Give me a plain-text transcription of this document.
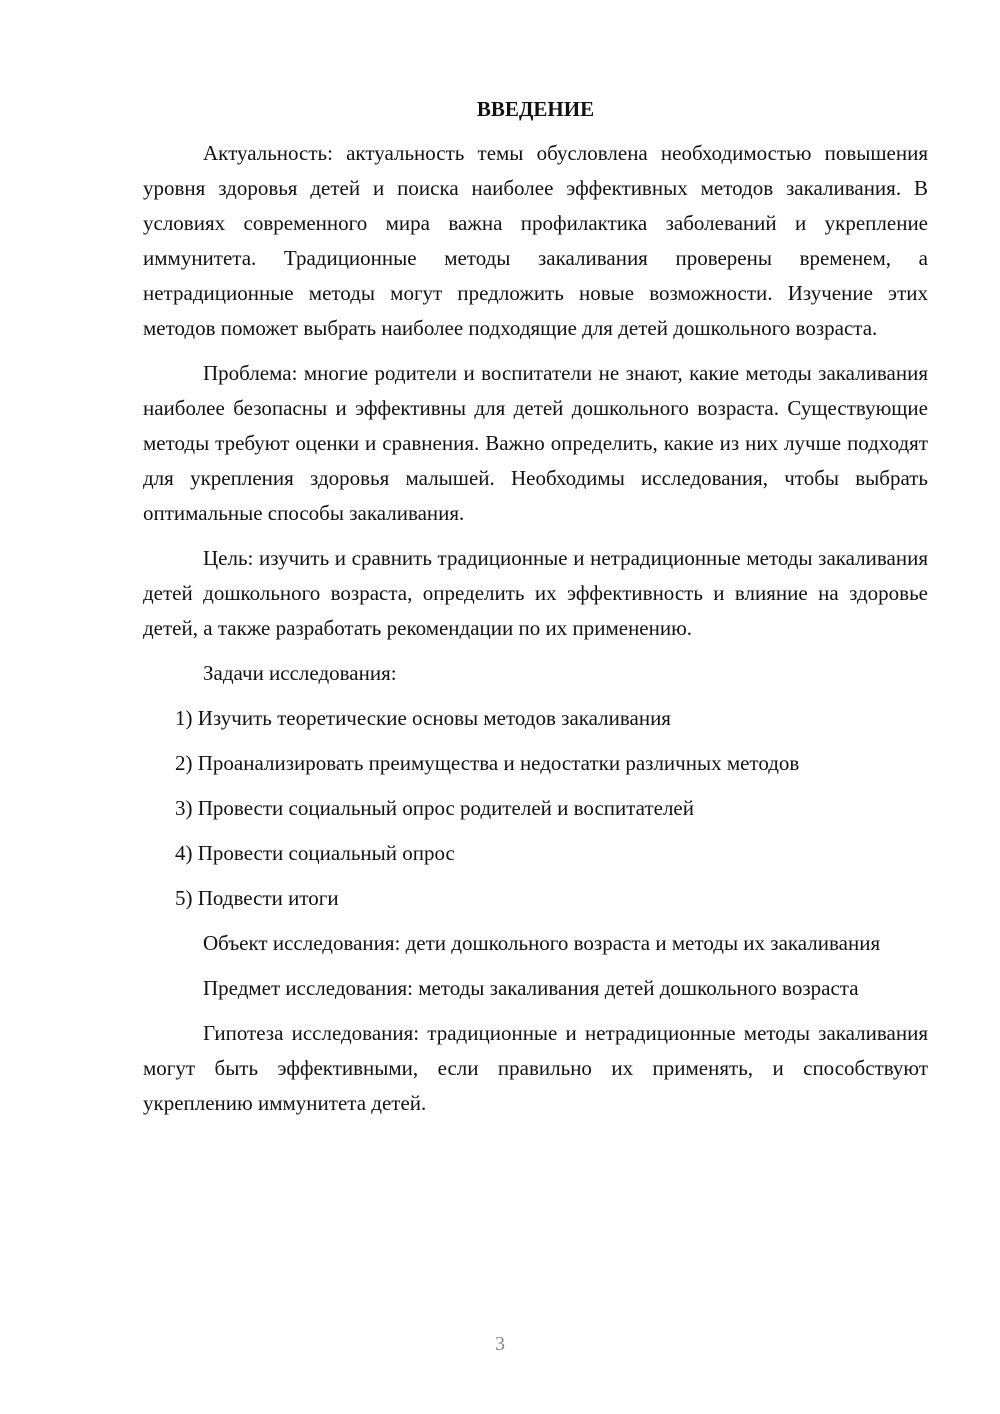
ВВЕДЕНИЕ

Актуальность: актуальность темы обусловлена необходимостью повышения уровня здоровья детей и поиска наиболее эффективных методов закаливания. В условиях современного мира важна профилактика заболеваний и укрепление иммунитета. Традиционные методы закаливания проверены временем, а нетрадиционные методы могут предложить новые возможности. Изучение этих методов поможет выбрать наиболее подходящие для детей дошкольного возраста.

Проблема: многие родители и воспитатели не знают, какие методы закаливания наиболее безопасны и эффективны для детей дошкольного возраста. Существующие методы требуют оценки и сравнения. Важно определить, какие из них лучше подходят для укрепления здоровья малышей. Необходимы исследования, чтобы выбрать оптимальные способы закаливания.

Цель: изучить и сравнить традиционные и нетрадиционные методы закаливания детей дошкольного возраста, определить их эффективность и влияние на здоровье детей, а также разработать рекомендации по их применению.

Задачи исследования:
1) Изучить теоретические основы методов закаливания
2) Проанализировать преимущества и недостатки различных методов
3) Провести социальный опрос родителей и воспитателей
4) Провести социальный опрос
5) Подвести итоги

Объект исследования: дети дошкольного возраста и методы их закаливания

Предмет исследования: методы закаливания детей дошкольного возраста

Гипотеза исследования: традиционные и нетрадиционные методы закаливания могут быть эффективными, если правильно их применять, и способствуют укреплению иммунитета детей.

3
